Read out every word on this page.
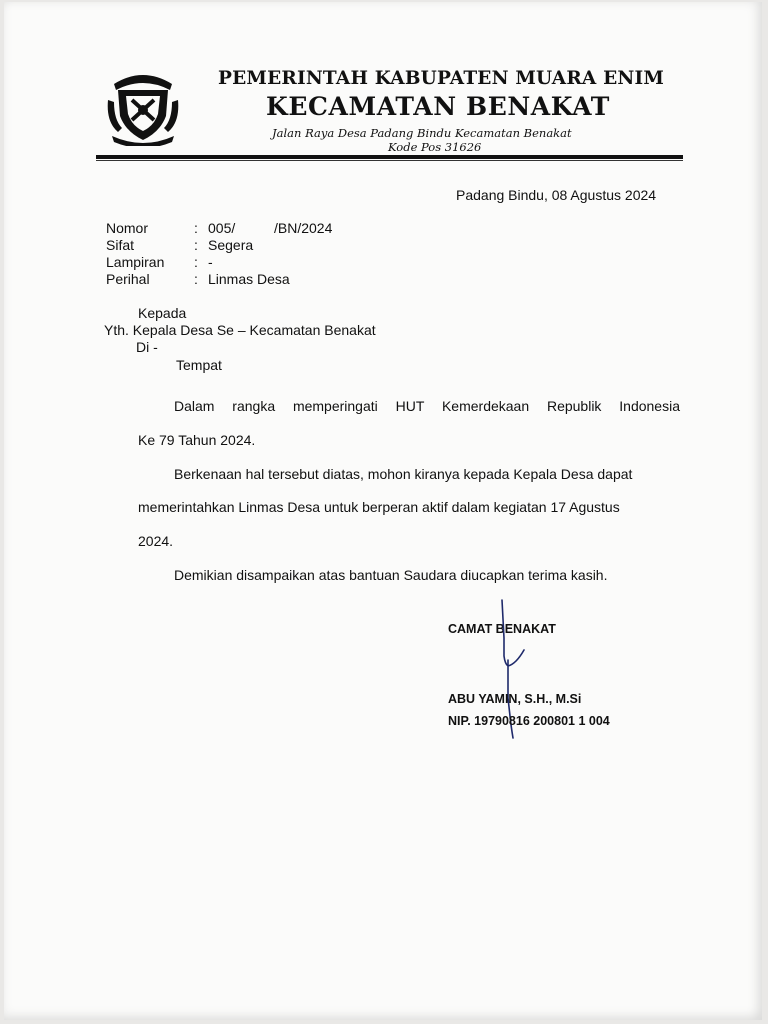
PEMERINTAH KABUPATEN MUARA ENIM
KECAMATAN BENAKAT
Jalan Raya Desa Padang Bindu Kecamatan Benakat
Kode Pos 31626
Padang Bindu, 08 Agustus 2024
Nomor	: 005/	/BN/2024
Sifat	: Segera
Lampiran : -
Perihal	: Linmas Desa
Kepada
Yth. Kepala Desa Se – Kecamatan Benakat
Di -
Tempat
Dalam rangka memperingati HUT Kemerdekaan Republik Indonesia
Ke 79 Tahun 2024.
Berkenaan hal tersebut diatas, mohon kiranya kepada Kepala Desa dapat
memerintahkan Linmas Desa untuk berperan aktif dalam kegiatan 17 Agustus
2024.
Demikian disampaikan atas bantuan Saudara diucapkan terima kasih.
CAMAT BENAKAT
ABU YAMIN, S.H., M.Si
NIP. 19790816 200801 1 004
